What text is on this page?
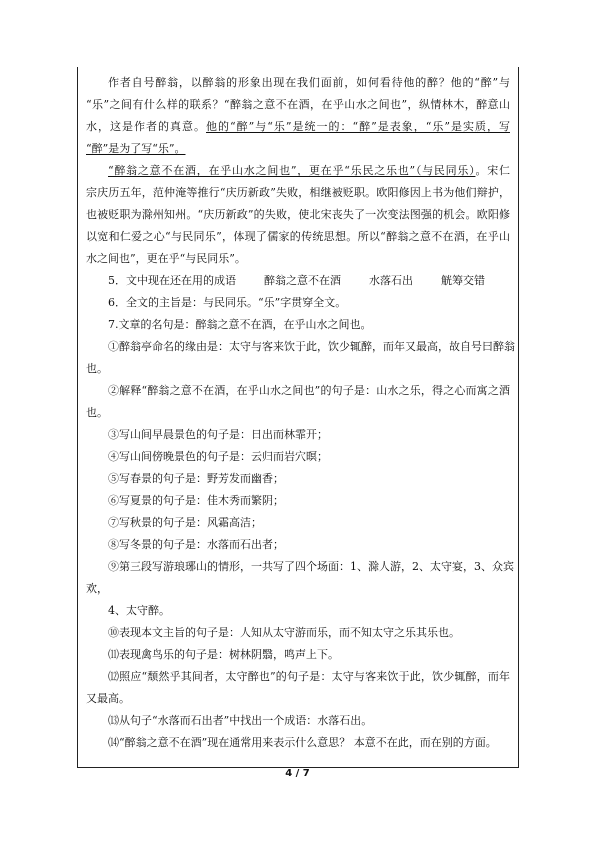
作者自号醉翁，以醉翁的形象出现在我们面前，如何看待他的醉？他的“醉”与
“乐”之间有什么样的联系？“醉翁之意不在酒，在乎山水之间也”，纵情林木，醉意山
水，这是作者的真意。他的“醉”与“乐”是统一的：“醉”是表象，“乐”是实质，写
“醉”是为了写“乐”。
“醉翁之意不在酒，在乎山水之间也”，更在乎“乐民之乐也”（与民同乐）。宋仁
宗庆历五年，范仲淹等推行“庆历新政”失败，相继被贬职。欧阳修因上书为他们辩护，
也被贬职为滁州知州。“庆历新政”的失败，使北宋丧失了一次变法图强的机会。欧阳修
以宽和仁爱之心“与民同乐”，体现了儒家的传统思想。所以“醉翁之意不在酒，在乎山
水之间也”，更在乎“与民同乐”。
5．文中现在还在用的成语	醉翁之意不在酒	水落石出	觥筹交错
6．全文的主旨是：与民同乐。“乐”字贯穿全文。
7.文章的名句是：醉翁之意不在酒，在乎山水之间也。
①醉翁亭命名的缘由是：太守与客来饮于此，饮少辄醉，而年又最高，故自号曰醉翁
也。
②解释“醉翁之意不在酒，在乎山水之间也”的句子是：山水之乐，得之心而寓之酒
也。
③写山间早晨景色的句子是：日出而林霏开；
④写山间傍晚景色的句子是：云归而岩穴暝；
⑤写春景的句子是：野芳发而幽香；
⑥写夏景的句子是：佳木秀而繁阴；
⑦写秋景的句子是：风霜高洁；
⑧写冬景的句子是：水落而石出者；
⑨第三段写游琅琊山的情形，一共写了四个场面：1、滁人游，2、太守宴，3、众宾
欢，
4、太守醉。
⑩表现本文主旨的句子是：人知从太守游而乐，而不知太守之乐其乐也。
⑾表现禽鸟乐的句子是：树林阴翳，鸣声上下。
⑿照应“颓然乎其间者，太守醉也”的句子是：太守与客来饮于此，饮少辄醉，而年
又最高。
⒀从句子“水落而石出者”中找出一个成语：水落石出。
⒁“醉翁之意不在酒”现在通常用来表示什么意思？ 本意不在此，而在别的方面。
4 / 7
